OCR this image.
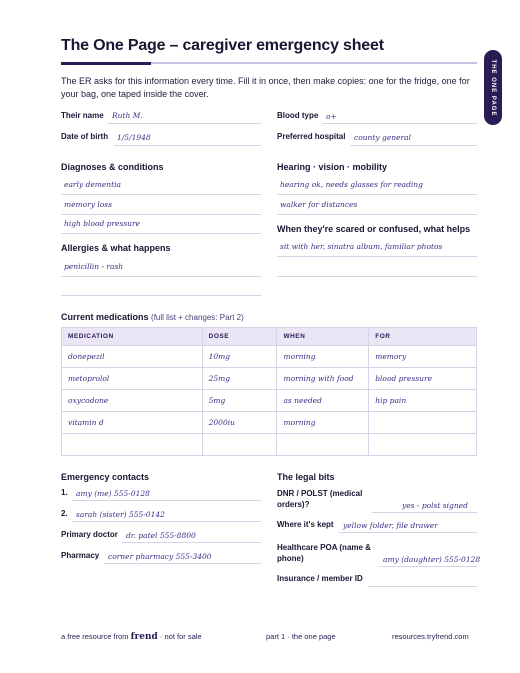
The One Page – caregiver emergency sheet
THE ONE PAGE
The ER asks for this information every time. Fill it in once, then make copies: one for the fridge, one for your bag, one taped inside the cover.
Their name Ruth M.
Date of birth 1/5/1948
Blood type o+
Preferred hospital county general
Diagnoses & conditions
early dementia
memory loss
high blood pressure
Hearing · vision · mobility
hearing ok, needs glasses for reading
walker for distances
Allergies & what happens
penicillin - rash
When they're scared or confused, what helps
sit with her, sinatra album, familiar photos
Current medications (full list + changes: Part 2)
MEDICATION	DOSE	WHEN	FOR
donepezil	10mg	morning	memory
metoprolol	25mg	morning with food	blood pressure
oxycodone	5mg	as needed	hip pain
vitamin d	2000iu	morning	

Emergency contacts
1. amy (me) 555-0128
2. sarah (sister) 555-0142
Primary doctor dr. patel 555-8800
Pharmacy corner pharmacy 555-3400
The legal bits
DNR / POLST (medical orders)?	yes - polst signed
Where it's kept yellow folder, file drawer
Healthcare POA (name & phone)	amy (daughter) 555-0128
Insurance / member ID
a free resource from frend · not for sale	part 1 · the one page	resources.tryfrend.com
